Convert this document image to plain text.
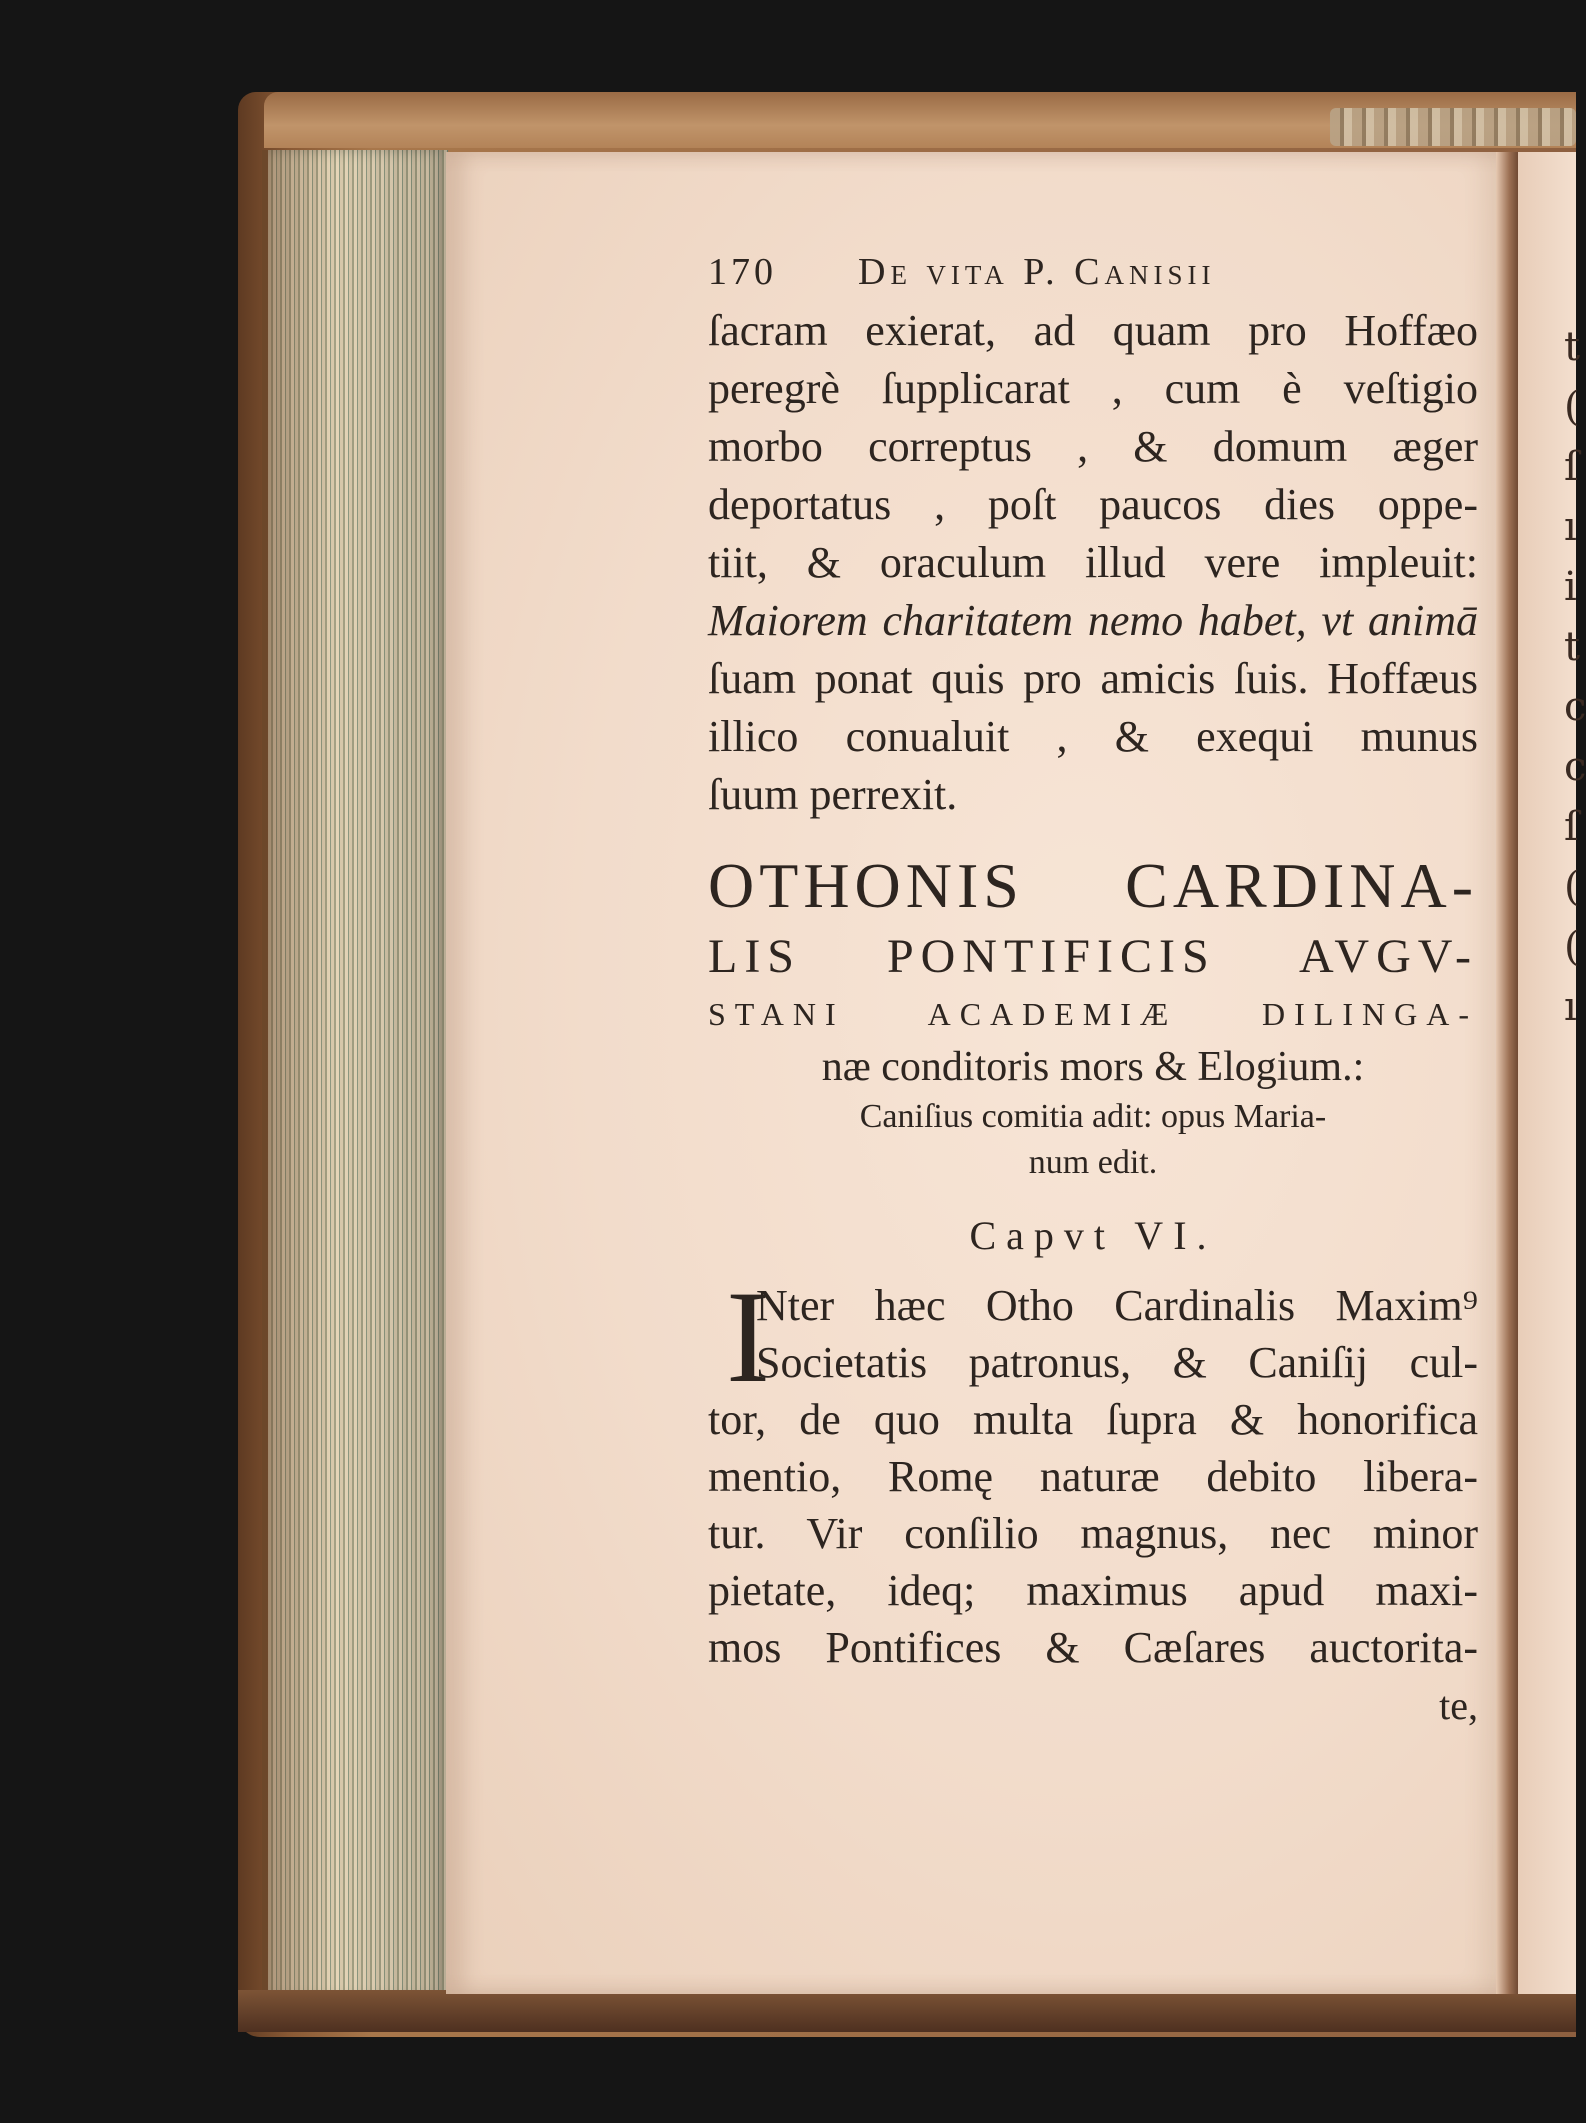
t
(
ſ
ı
i
t
c
c
ſ
(
(
ı
170	De vita P. Canisii
ſacram exierat, ad quam pro Hoffæo
peregrè ſupplicarat , cum è veſtigio
morbo correptus , & domum æger
deportatus , poſt paucos dies oppe-
tiit, & oraculum illud vere impleuit:
Maiorem charitatem nemo habet, vt animā
ſuam ponat quis pro amicis ſuis. Hoffæus
illico conualuit , & exequi munus
ſuum perrexit.
OTHONIS CARDINA-
LIS PONTIFICIS AVGV-
STANI ACADEMIÆ DILINGA-
næ conditoris mors & Elogium.:
Caniſius comitia adit: opus Maria-
num edit.
Capvt VI.
I
Nter hæc Otho Cardinalis Maxim⁹
Societatis patronus, & Caniſij cul-
tor, de quo multa ſupra & honorifica
mentio, Romę naturæ debito libera-
tur. Vir conſilio magnus, nec minor
pietate, ideq; maximus apud maxi-
mos Pontifices & Cæſares auctorita-
te,
